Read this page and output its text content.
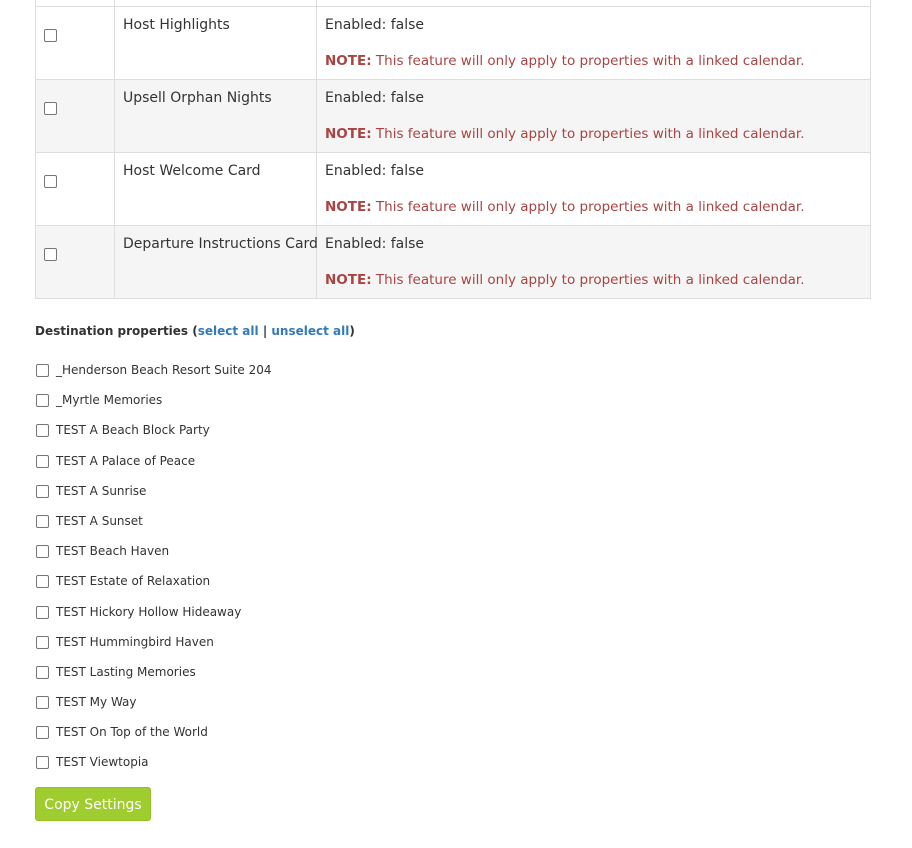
	Host Highlights	Enabled: false
NOTE: This feature will only apply to properties with a linked calendar.

	Upsell Orphan Nights	Enabled: false
NOTE: This feature will only apply to properties with a linked calendar.

	Host Welcome Card	Enabled: false
NOTE: This feature will only apply to properties with a linked calendar.

	Departure Instructions Card	Enabled: false
NOTE: This feature will only apply to properties with a linked calendar.
Destination properties (select all | unselect all)
_Henderson Beach Resort Suite 204
_Myrtle Memories
TEST A Beach Block Party
TEST A Palace of Peace
TEST A Sunrise
TEST A Sunset
TEST Beach Haven
TEST Estate of Relaxation
TEST Hickory Hollow Hideaway
TEST Hummingbird Haven
TEST Lasting Memories
TEST My Way
TEST On Top of the World
TEST Viewtopia
Copy Settings
